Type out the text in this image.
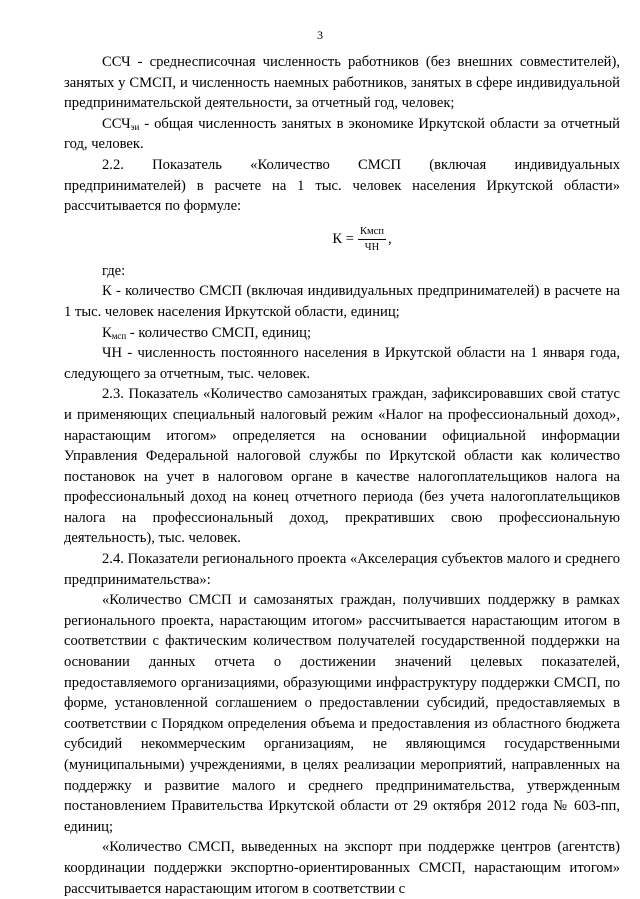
3

ССЧ - среднесписочная численность работников (без внешних совместителей), занятых у СМСП, и численность наемных работников, занятых в сфере индивидуальной предпринимательской деятельности, за отчетный год, человек;

$ССЧ_{эи}$ - общая численность занятых в экономике Иркутской области за отчетный год, человек.

2.2. Показатель «Количество СМСП (включая индивидуальных предпринимателей) в расчете на 1 тыс. человек населения Иркутской области» рассчитывается по формуле:

$К = \frac{\text{Кмсп}}{ЧН}$ ,

где:

К - количество СМСП (включая индивидуальных предпринимателей) в расчете на 1 тыс. человек населения Иркутской области, единиц;

$К_{мсп}$ - количество СМСП, единиц;

ЧН - численность постоянного населения в Иркутской области на 1 января года, следующего за отчетным, тыс. человек.

2.3. Показатель «Количество самозанятых граждан, зафиксировавших свой статус и применяющих специальный налоговый режим «Налог на профессиональный доход», нарастающим итогом» определяется на основании официальной информации Управления Федеральной налоговой службы по Иркутской области как количество постановок на учет в налоговом органе в качестве налогоплательщиков налога на профессиональный доход на конец отчетного периода (без учета налогоплательщиков налога на профессиональный доход, прекративших свою профессиональную деятельность), тыс. человек.

2.4. Показатели регионального проекта «Акселерация субъектов малого и среднего предпринимательства»:

«Количество СМСП и самозанятых граждан, получивших поддержку в рамках регионального проекта, нарастающим итогом» рассчитывается нарастающим итогом в соответствии с фактическим количеством получателей государственной поддержки на основании данных отчета о достижении значений целевых показателей, предоставляемого организациями, образующими инфраструктуру поддержки СМСП, по форме, установленной соглашением о предоставлении субсидий, предоставляемых в соответствии с Порядком определения объема и предоставления из областного бюджета субсидий некоммерческим организациям, не являющимся государственными (муниципальными) учреждениями, в целях реализации мероприятий, направленных на поддержку и развитие малого и среднего предпринимательства, утвержденным постановлением Правительства Иркутской области от 29 октября 2012 года № 603-пп, единиц;

«Количество СМСП, выведенных на экспорт при поддержке центров (агентств) координации поддержки экспортно-ориентированных СМСП, нарастающим итогом» рассчитывается нарастающим итогом в соответствии с
